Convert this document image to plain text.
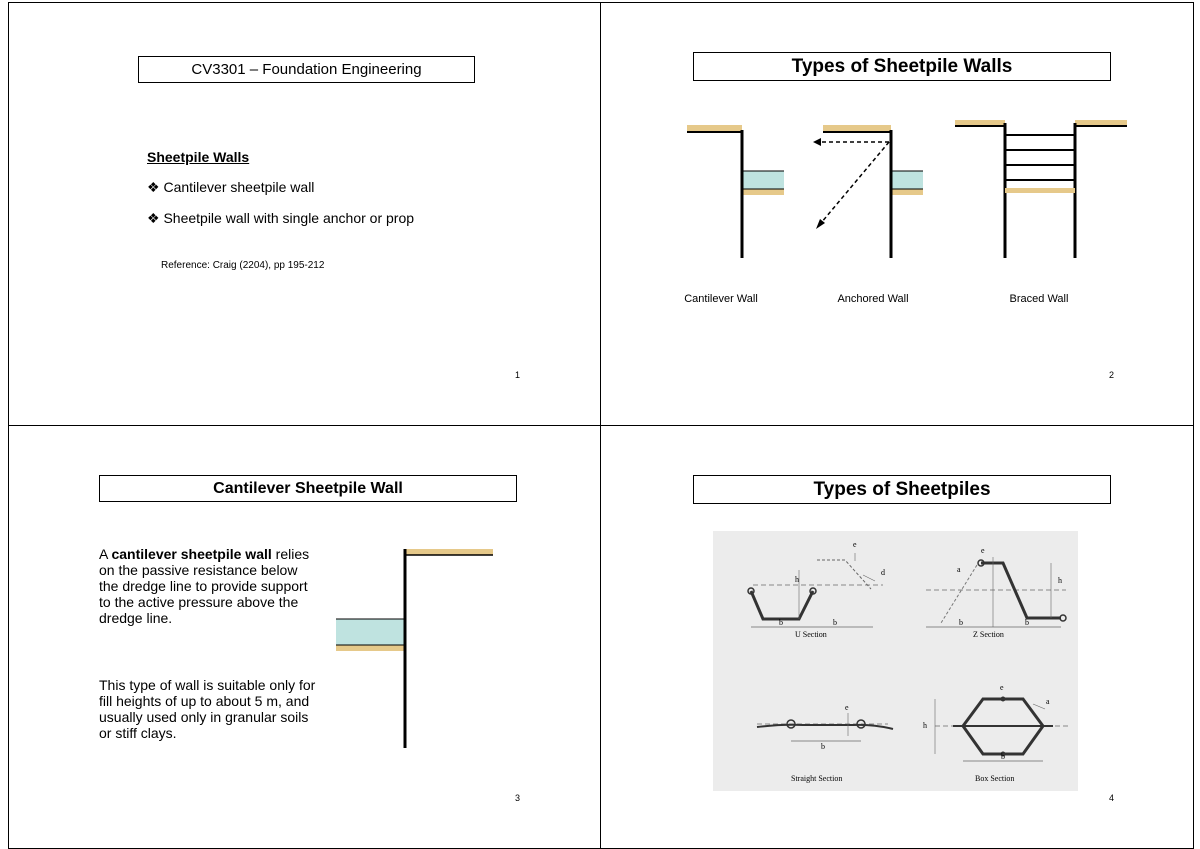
CV3301 – Foundation Engineering
Sheetpile Walls
❖ Cantilever sheetpile wall
❖ Sheetpile wall with single anchor or prop
Reference: Craig (2204), pp 195-212
1
Types of Sheetpile Walls
Cantilever Wall	Anchored Wall	Braced Wall
2
Cantilever Sheetpile Wall
A cantilever sheetpile wall relies on the passive resistance below the dredge line to provide support to the active pressure above the dredge line.
This type of wall is suitable only for fill heights of up to about 5 m, and usually used only in granular soils or stiff clays.
3
Types of Sheetpiles
e
d
h
b	b
U Section
e
a
h
b	b
Z Section
e
b
Straight Section
e
a
h
b
Box Section
4
